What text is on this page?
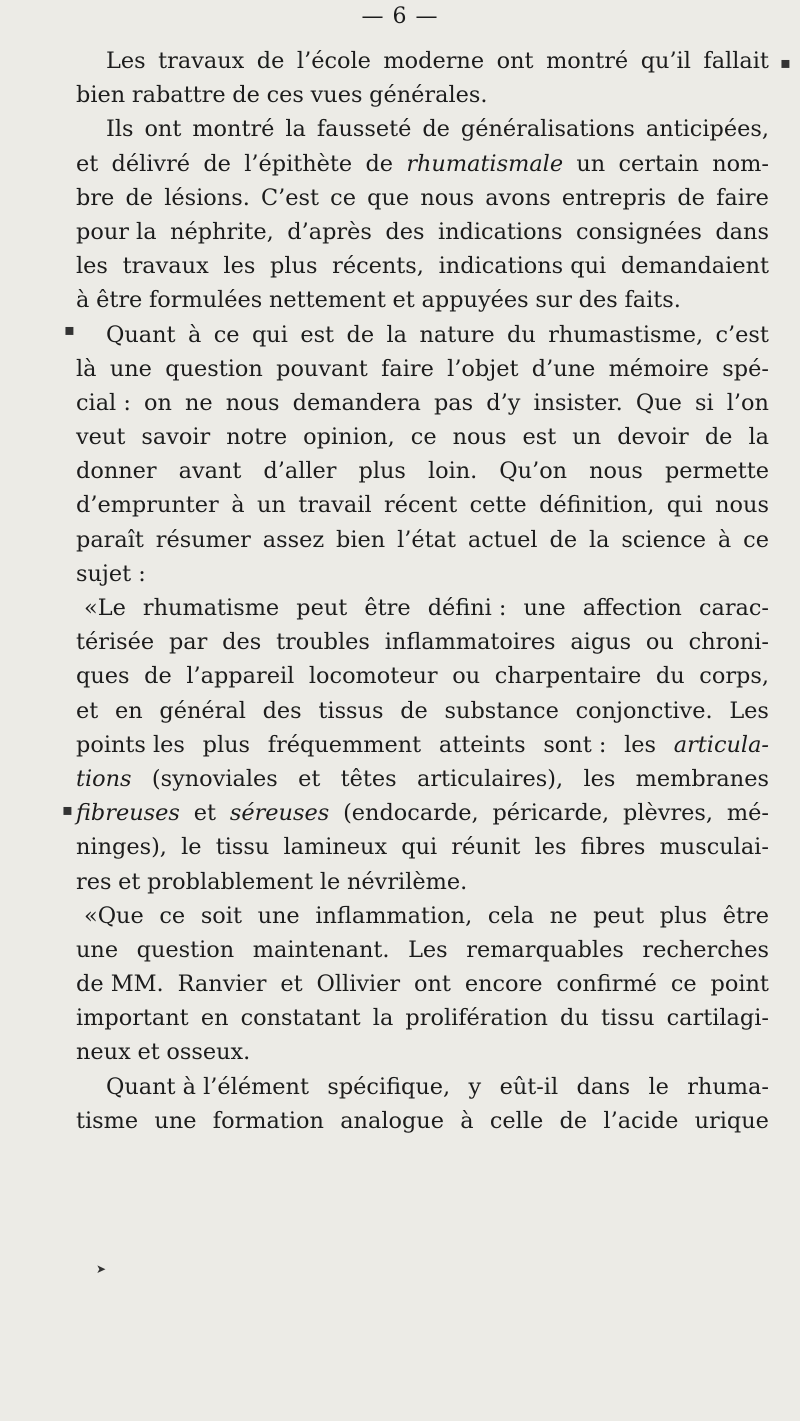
— 6 —
Les travaux de l’école moderne ont montré qu’il fallait
bien rabattre de ces vues générales.
Ils ont montré la fausseté de généralisations anticipées,
et délivré de l’épithète de rhumatismale un certain nom-
bre de lésions. C’est ce que nous avons entrepris de faire
pour la néphrite, d’après des indications consignées dans
les travaux les plus récents, indications qui demandaient
à être formulées nettement et appuyées sur des faits.
Quant à ce qui est de la nature du rhumastisme, c’est
là une question pouvant faire l’objet d’une mémoire spé-
cial : on ne nous demandera pas d’y insister. Que si l’on
veut savoir notre opinion, ce nous est un devoir de la
donner avant d’aller plus loin. Qu’on nous permette
d’emprunter à un travail récent cette définition, qui nous
paraît résumer assez bien l’état actuel de la science à ce
sujet :
«Le rhumatisme peut être défini : une affection carac-
térisée par des troubles inflammatoires aigus ou chroni-
ques de l’appareil locomoteur ou charpentaire du corps,
et en général des tissus de substance conjonctive. Les
points les plus fréquemment atteints sont : les articula-
tions (synoviales et têtes articulaires), les membranes
fibreuses et séreuses (endocarde, péricarde, plèvres, mé-
ninges), le tissu lamineux qui réunit les fibres musculai-
res et problablement le névrilème.
«Que ce soit une inflammation, cela ne peut plus être
une question maintenant. Les remarquables recherches
de MM. Ranvier et Ollivier ont encore confirmé ce point
important en constatant la prolifération du tissu cartilagi-
neux et osseux.
Quant à l’élément spécifique, y eût-il dans le rhuma-
tisme une formation analogue à celle de l’acide urique
▪
▪
▪
➤
